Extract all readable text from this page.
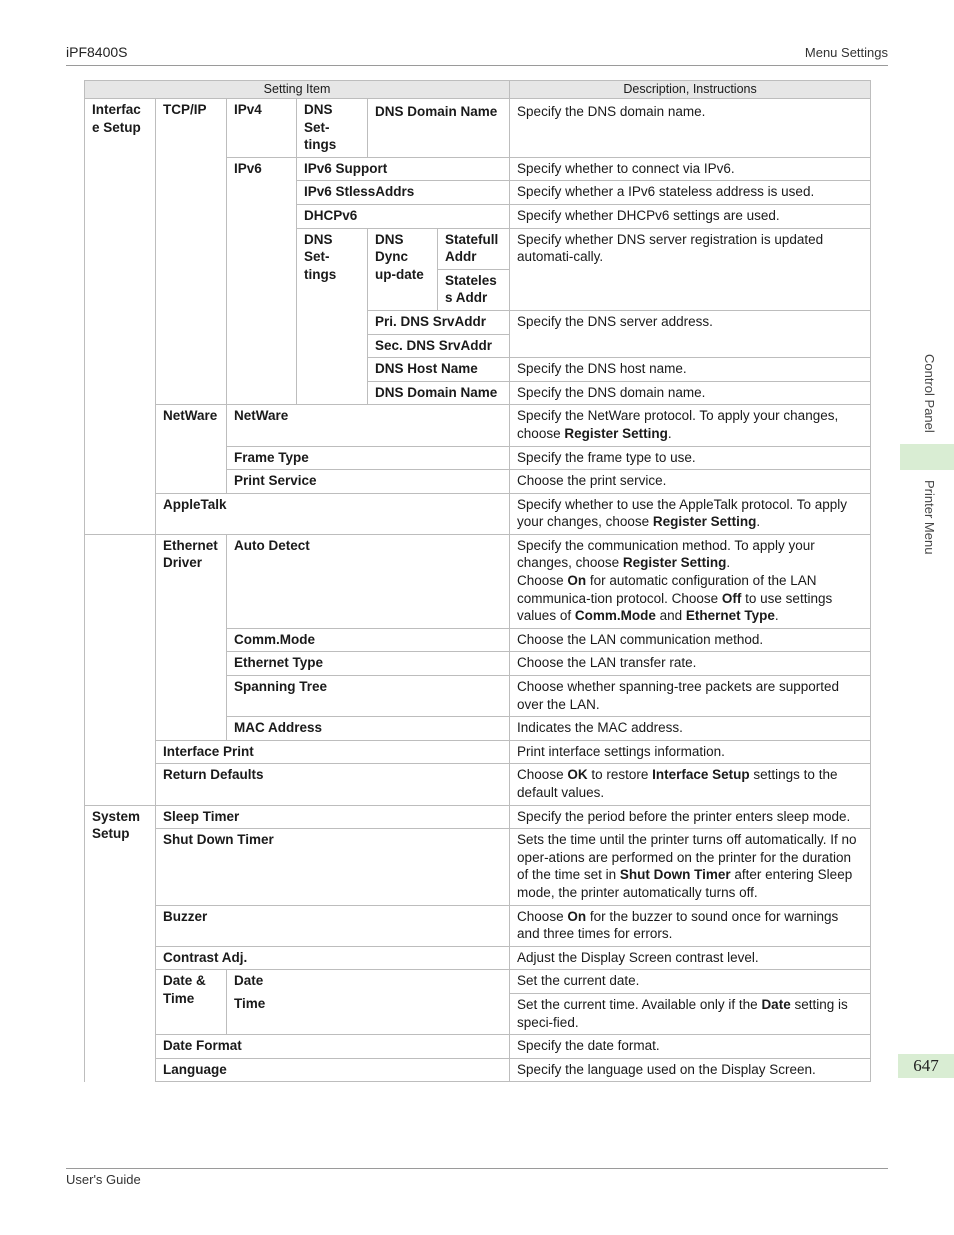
iPF8400S	Menu Settings
Control Panel
Printer Menu
647
Setting Item						Description, Instructions
Interface Setup	TCP/IP	IPv4	DNS Set-tings	DNS Domain Name		Specify the DNS domain name.
		IPv6	IPv6 Support			Specify whether to connect via IPv6.
			IPv6 StlessAddrs			Specify whether a IPv6 stateless address is used.
			DHCPv6			Specify whether DHCPv6 settings are used.
			DNS Set-tings	DNS Dync up-date	Statefull Addr	Specify whether DNS server registration is updated automati-cally.
					Stateless Addr	
				Pri. DNS SrvAddr		Specify the DNS server address.
				Sec. DNS SrvAddr		
				DNS Host Name		Specify the DNS host name.
				DNS Domain Name		Specify the DNS domain name.
	NetWare	NetWare				Specify the NetWare protocol. To apply your changes, choose Register Setting.
		Frame Type				Specify the frame type to use.
		Print Service				Choose the print service.
	AppleTalk					Specify whether to use the AppleTalk protocol. To apply your changes, choose Register Setting.
	Ethernet Driver	Auto Detect				Specify the communication method. To apply your changes, choose Register Setting.
Choose On for automatic configuration of the LAN communica-tion protocol. Choose Off to use settings values of Comm.Mode and Ethernet Type.
		Comm.Mode				Choose the LAN communication method.
		Ethernet Type				Choose the LAN transfer rate.
		Spanning Tree				Choose whether spanning-tree packets are supported over the LAN.
		MAC Address				Indicates the MAC address.
	Interface Print					Print interface settings information.
	Return Defaults					Choose OK to restore Interface Setup settings to the default values.
System Setup	Sleep Timer					Specify the period before the printer enters sleep mode.
	Shut Down Timer					Sets the time until the printer turns off automatically. If no oper-ations are performed on the printer for the duration of the time set in Shut Down Timer after entering Sleep mode, the printer automatically turns off.
	Buzzer					Choose On for the buzzer to sound once for warnings and three times for errors.
	Contrast Adj.					Adjust the Display Screen contrast level.
	Date & Time	Date				Set the current date.
		Time				Set the current time. Available only if the Date setting is speci-fied.
	Date Format					Specify the date format.
	Language					Specify the language used on the Display Screen.
User's Guide
